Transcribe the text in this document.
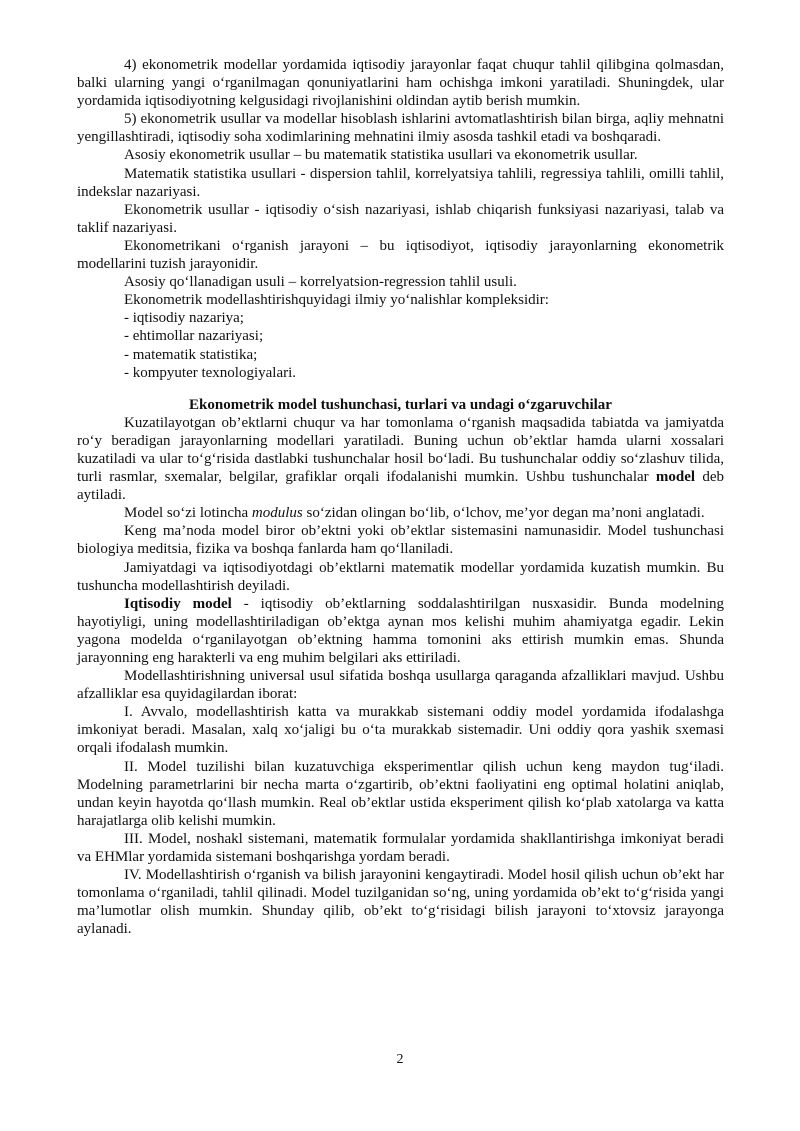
4) ekonometrik modellar yordamida iqtisodiy jarayonlar faqat chuqur tahlil qilibgina qolmasdan, balki ularning yangi o‘rganilmagan qonuniyatlarini ham ochishga imkoni yaratiladi. Shuningdek, ular yordamida iqtisodiyotning kelgusidagi rivojlanishini oldindan aytib berish mumkin.

5) ekonometrik usullar va modellar hisoblash ishlarini avtomatlashtirish bilan birga, aqliy mehnatni yengillashtiradi, iqtisodiy soha xodimlarining mehnatini ilmiy asosda tashkil etadi va boshqaradi.

Asosiy ekonometrik usullar – bu matematik statistika usullari va ekonometrik usullar.

Matematik statistika usullari - dispersion tahlil, korrelyatsiya tahlili, regressiya tahlili, omilli tahlil, indekslar nazariyasi.

Ekonometrik usullar - iqtisodiy o‘sish nazariyasi, ishlab chiqarish funksiyasi nazariyasi, talab va taklif nazariyasi.

Ekonometrikani o‘rganish jarayoni – bu iqtisodiyot, iqtisodiy jarayonlarning ekonometrik modellarini tuzish jarayonidir.

Asosiy qo‘llanadigan usuli – korrelyatsion-regression tahlil usuli.

Ekonometrik modellashtirishquyidagi ilmiy yo‘nalishlar kompleksidir:

- iqtisodiy nazariya;

- ehtimollar nazariyasi;

- matematik statistika;

- kompyuter texnologiyalari.

Ekonometrik model tushunchasi, turlari va undagi o‘zgaruvchilar

Kuzatilayotgan ob’ektlarni chuqur va har tomonlama o‘rganish maqsadida tabiatda va jamiyatda ro‘y beradigan jarayonlarning modellari yaratiladi. Buning uchun ob’ektlar hamda ularni xossalari kuzatiladi va ular to‘g‘risida dastlabki tushunchalar hosil bo‘ladi. Bu tushunchalar oddiy so‘zlashuv tilida, turli rasmlar, sxemalar, belgilar, grafiklar orqali ifodalanishi mumkin. Ushbu tushunchalar model deb aytiladi.

Model so‘zi lotincha modulus so‘zidan olingan bo‘lib, o‘lchov, me’yor degan ma’noni anglatadi.

Keng ma’noda model biror ob’ektni yoki ob’ektlar sistemasini namunasidir. Model tushunchasi biologiya meditsia, fizika va boshqa fanlarda ham qo‘llaniladi.

Jamiyatdagi va iqtisodiyotdagi ob’ektlarni matematik modellar yordamida kuzatish mumkin. Bu tushuncha modellashtirish deyiladi.

Iqtisodiy model - iqtisodiy ob’ektlarning soddalashtirilgan nusxasidir. Bunda modelning hayotiyligi, uning modellashtiriladigan ob’ektga aynan mos kelishi muhim ahamiyatga egadir. Lekin yagona modelda o‘rganilayotgan ob’ektning hamma tomonini aks ettirish mumkin emas. Shunda jarayonning eng harakterli va eng muhim belgilari aks ettiriladi.

Modellashtirishning universal usul sifatida boshqa usullarga qaraganda afzalliklari mavjud. Ushbu afzalliklar esa quyidagilardan iborat:

I. Avvalo, modellashtirish katta va murakkab sistemani oddiy model yordamida ifodalashga imkoniyat beradi. Masalan, xalq xo‘jaligi bu o‘ta murakkab sistemadir. Uni oddiy qora yashik sxemasi orqali ifodalash mumkin.

II. Model tuzilishi bilan kuzatuvchiga eksperimentlar qilish uchun keng maydon tug‘iladi. Modelning parametrlarini bir necha marta o‘zgartirib, ob’ektni faoliyatini eng optimal holatini aniqlab, undan keyin hayotda qo‘llash mumkin. Real ob’ektlar ustida eksperiment qilish ko‘plab xatolarga va katta harajatlarga olib kelishi mumkin.

III. Model, noshakl sistemani, matematik formulalar yordamida shakllantirishga imkoniyat beradi va EHMlar yordamida sistemani boshqarishga yordam beradi.

IV. Modellashtirish o‘rganish va bilish jarayonini kengaytiradi. Model hosil qilish uchun ob’ekt har tomonlama o‘rganiladi, tahlil qilinadi. Model tuzilganidan so‘ng, uning yordamida ob’ekt to‘g‘risida yangi ma’lumotlar olish mumkin. Shunday qilib, ob’ekt to‘g‘risidagi bilish jarayoni to‘xtovsiz jarayonga aylanadi.

2
